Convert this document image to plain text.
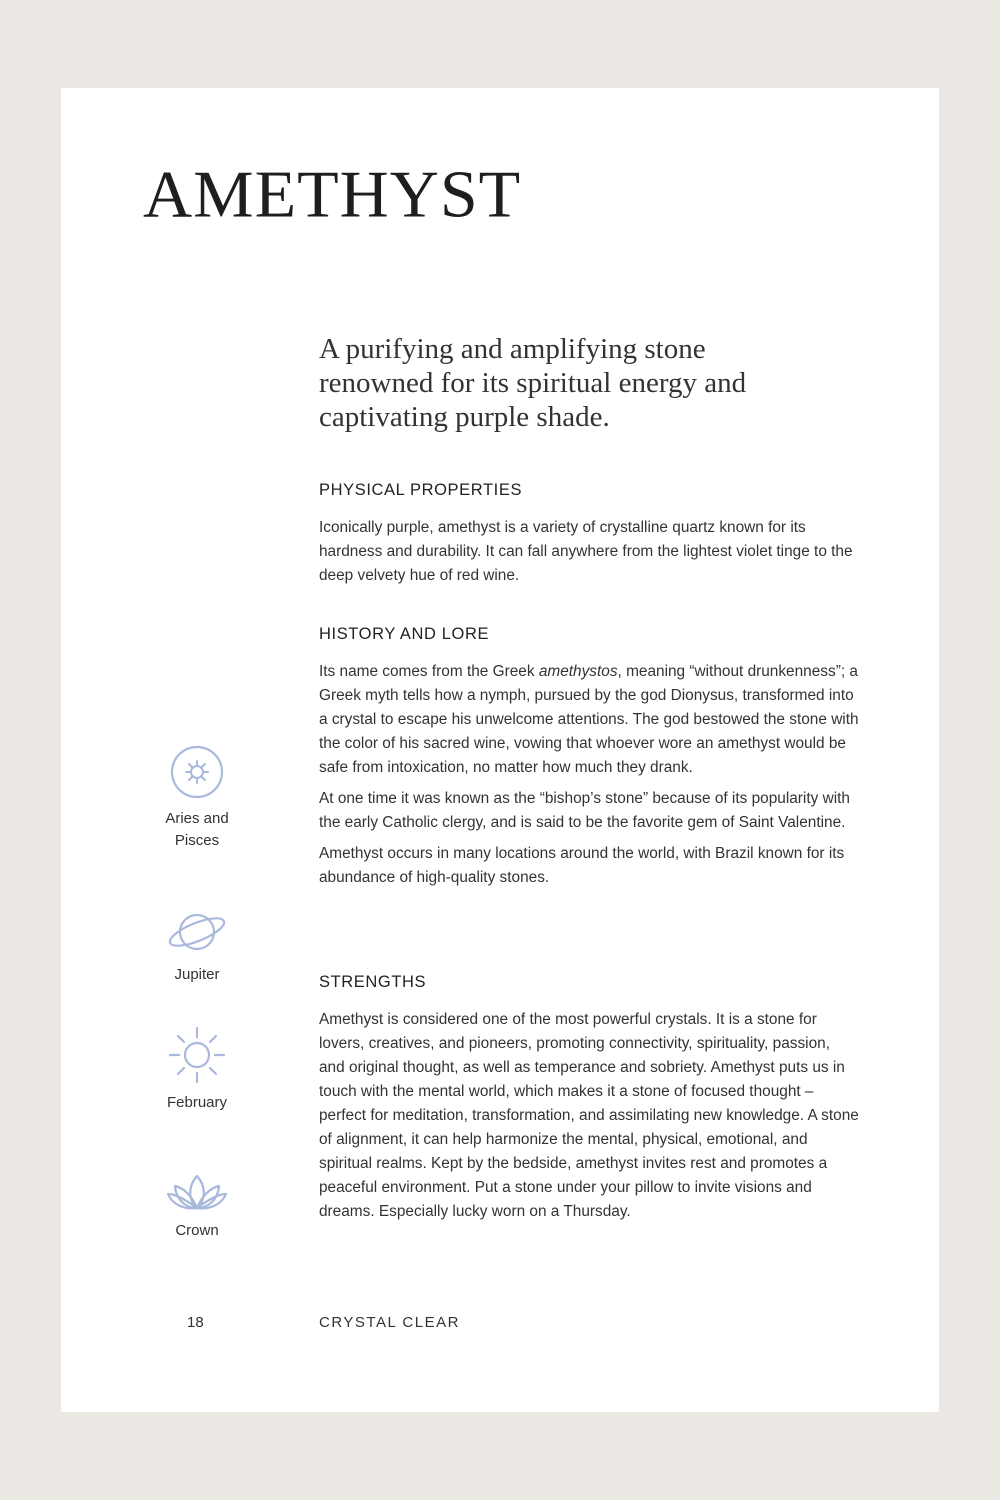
AMETHYST

A purifying and amplifying stone renowned for its spiritual energy and captivating purple shade.

PHYSICAL PROPERTIES

Iconically purple, amethyst is a variety of crystalline quartz known for its hardness and durability. It can fall anywhere from the lightest violet tinge to the deep velvety hue of red wine.

HISTORY AND LORE

Its name comes from the Greek amethystos, meaning “without drunkenness”; a Greek myth tells how a nymph, pursued by the god Dionysus, transformed into a crystal to escape his unwelcome attentions. The god bestowed the stone with the color of his sacred wine, vowing that whoever wore an amethyst would be safe from intoxication, no matter how much they drank.

At one time it was known as the “bishop’s stone” because of its popularity with the early Catholic clergy, and is said to be the favorite gem of Saint Valentine.

Amethyst occurs in many locations around the world, with Brazil known for its abundance of high-quality stones.

STRENGTHS

Amethyst is considered one of the most powerful crystals. It is a stone for lovers, creatives, and pioneers, promoting connectivity, spirituality, passion, and original thought, as well as temperance and sobriety. Amethyst puts us in touch with the mental world, which makes it a stone of focused thought – perfect for meditation, transformation, and assimilating new knowledge. A stone of alignment, it can help harmonize the mental, physical, emotional, and spiritual realms. Kept by the bedside, amethyst invites rest and promotes a peaceful environment. Put a stone under your pillow to invite visions and dreams. Especially lucky worn on a Thursday.

Aries and
Pisces
Jupiter
February
Crown
18	CRYSTAL CLEAR
